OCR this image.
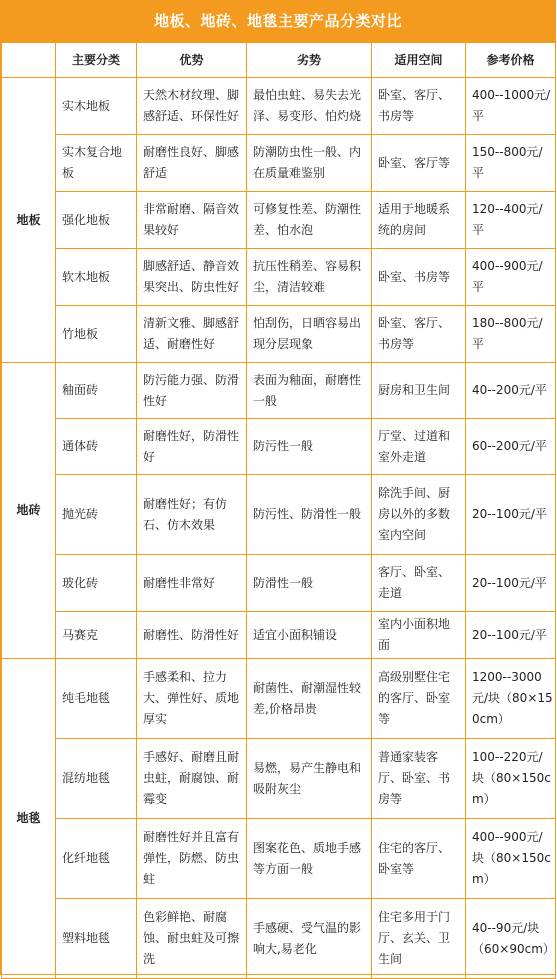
地板、地砖、地毯主要产品分类对比
	主要分类	优势	劣势	适用空间	参考价格
地板	实木地板	天然木材纹理、脚感舒适、环保性好	最怕虫蛀、易失去光泽、易变形、怕灼烧	卧室、客厅、书房等	400--1000元/平
	实木复合地板	耐磨性良好、脚感舒适	防潮防虫性一般、内在质量难鉴别	卧室、客厅等	150--800元/平
	强化地板	非常耐磨、隔音效果较好	可修复性差、防潮性差、怕水泡	适用于地暖系统的房间	120--400元/平
	软木地板	脚感舒适、静音效果突出、防虫性好	抗压性稍差、容易积尘，清洁较难	卧室、书房等	400--900元/平
	竹地板	清新文雅、脚感舒适、耐磨性好	怕刮伤，日晒容易出现分层现象	卧室、客厅、书房等	180--800元/平
地砖	釉面砖	防污能力强、防滑性好	表面为釉面，耐磨性一般	厨房和卫生间	40--200元/平
	通体砖	耐磨性好，防滑性好	防污性一般	厅堂、过道和室外走道	60--200元/平
	抛光砖	耐磨性好；有仿石、仿木效果	防污性、防滑性一般	除洗手间、厨房以外的多数室内空间	20--100元/平
	玻化砖	耐磨性非常好	防滑性一般	客厅、卧室、走道	20--100元/平
	马赛克	耐磨性、防滑性好	适宜小面积铺设	室内小面积地面	20--100元/平
地毯	纯毛地毯	手感柔和、拉力大、弹性好、质地厚实	耐菌性、耐潮湿性较差,价格昂贵	高级别墅住宅的客厅、卧室等	1200--3000元/块（80×150cm）
	混纺地毯	手感好、耐磨且耐虫蛀，耐腐蚀、耐霉变	易燃，易产生静电和吸附灰尘	普通家装客厅、卧室、书房等	100--220元/块（80×150cm）
	化纤地毯	耐磨性好并且富有弹性，防燃、防虫蛀	图案花色、质地手感等方面一般	住宅的客厅、卧室等	400--900元/块（80×150cm）
	塑料地毯	色彩鲜艳、耐腐蚀、耐虫蛀及可擦洗	手感硬、受气温的影响大,易老化	住宅多用于门厅、玄关、卫生间	40--90元/块（60×90cm）
